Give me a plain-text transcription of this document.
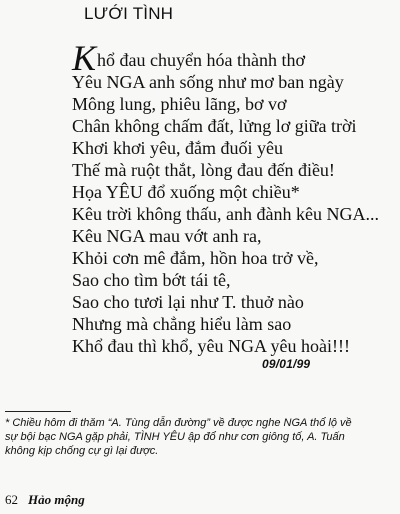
LƯỚI TÌNH
Khổ đau chuyển hóa thành thơ
Yêu NGA anh sống như mơ ban ngày
Mông lung, phiêu lãng, bơ vơ
Chân không chấm đất, lửng lơ giữa trời
Khơi khơi yêu, đắm đuối yêu
Thế mà ruột thắt, lòng đau đến điều!
Họa YÊU đổ xuống một chiều*
Kêu trời không thấu, anh đành kêu NGA...
Kêu NGA mau vớt anh ra,
Khỏi cơn mê đắm, hồn hoa trở về,
Sao cho tìm bớt tái tê,
Sao cho tươi lại như T. thuở nào
Nhưng mà chẳng hiểu làm sao
Khổ đau thì khổ, yêu NGA yêu hoài!!!
09/01/99
* Chiều hôm đi thăm “A. Tùng dẫn đường” về được nghe NGA thổ lộ về
sự bội bạc NGA gặp phải, TÌNH YÊU ập đổ như cơn giông tố, A. Tuấn
không kịp chống cự gì lại được.
62 Hảo mộng
